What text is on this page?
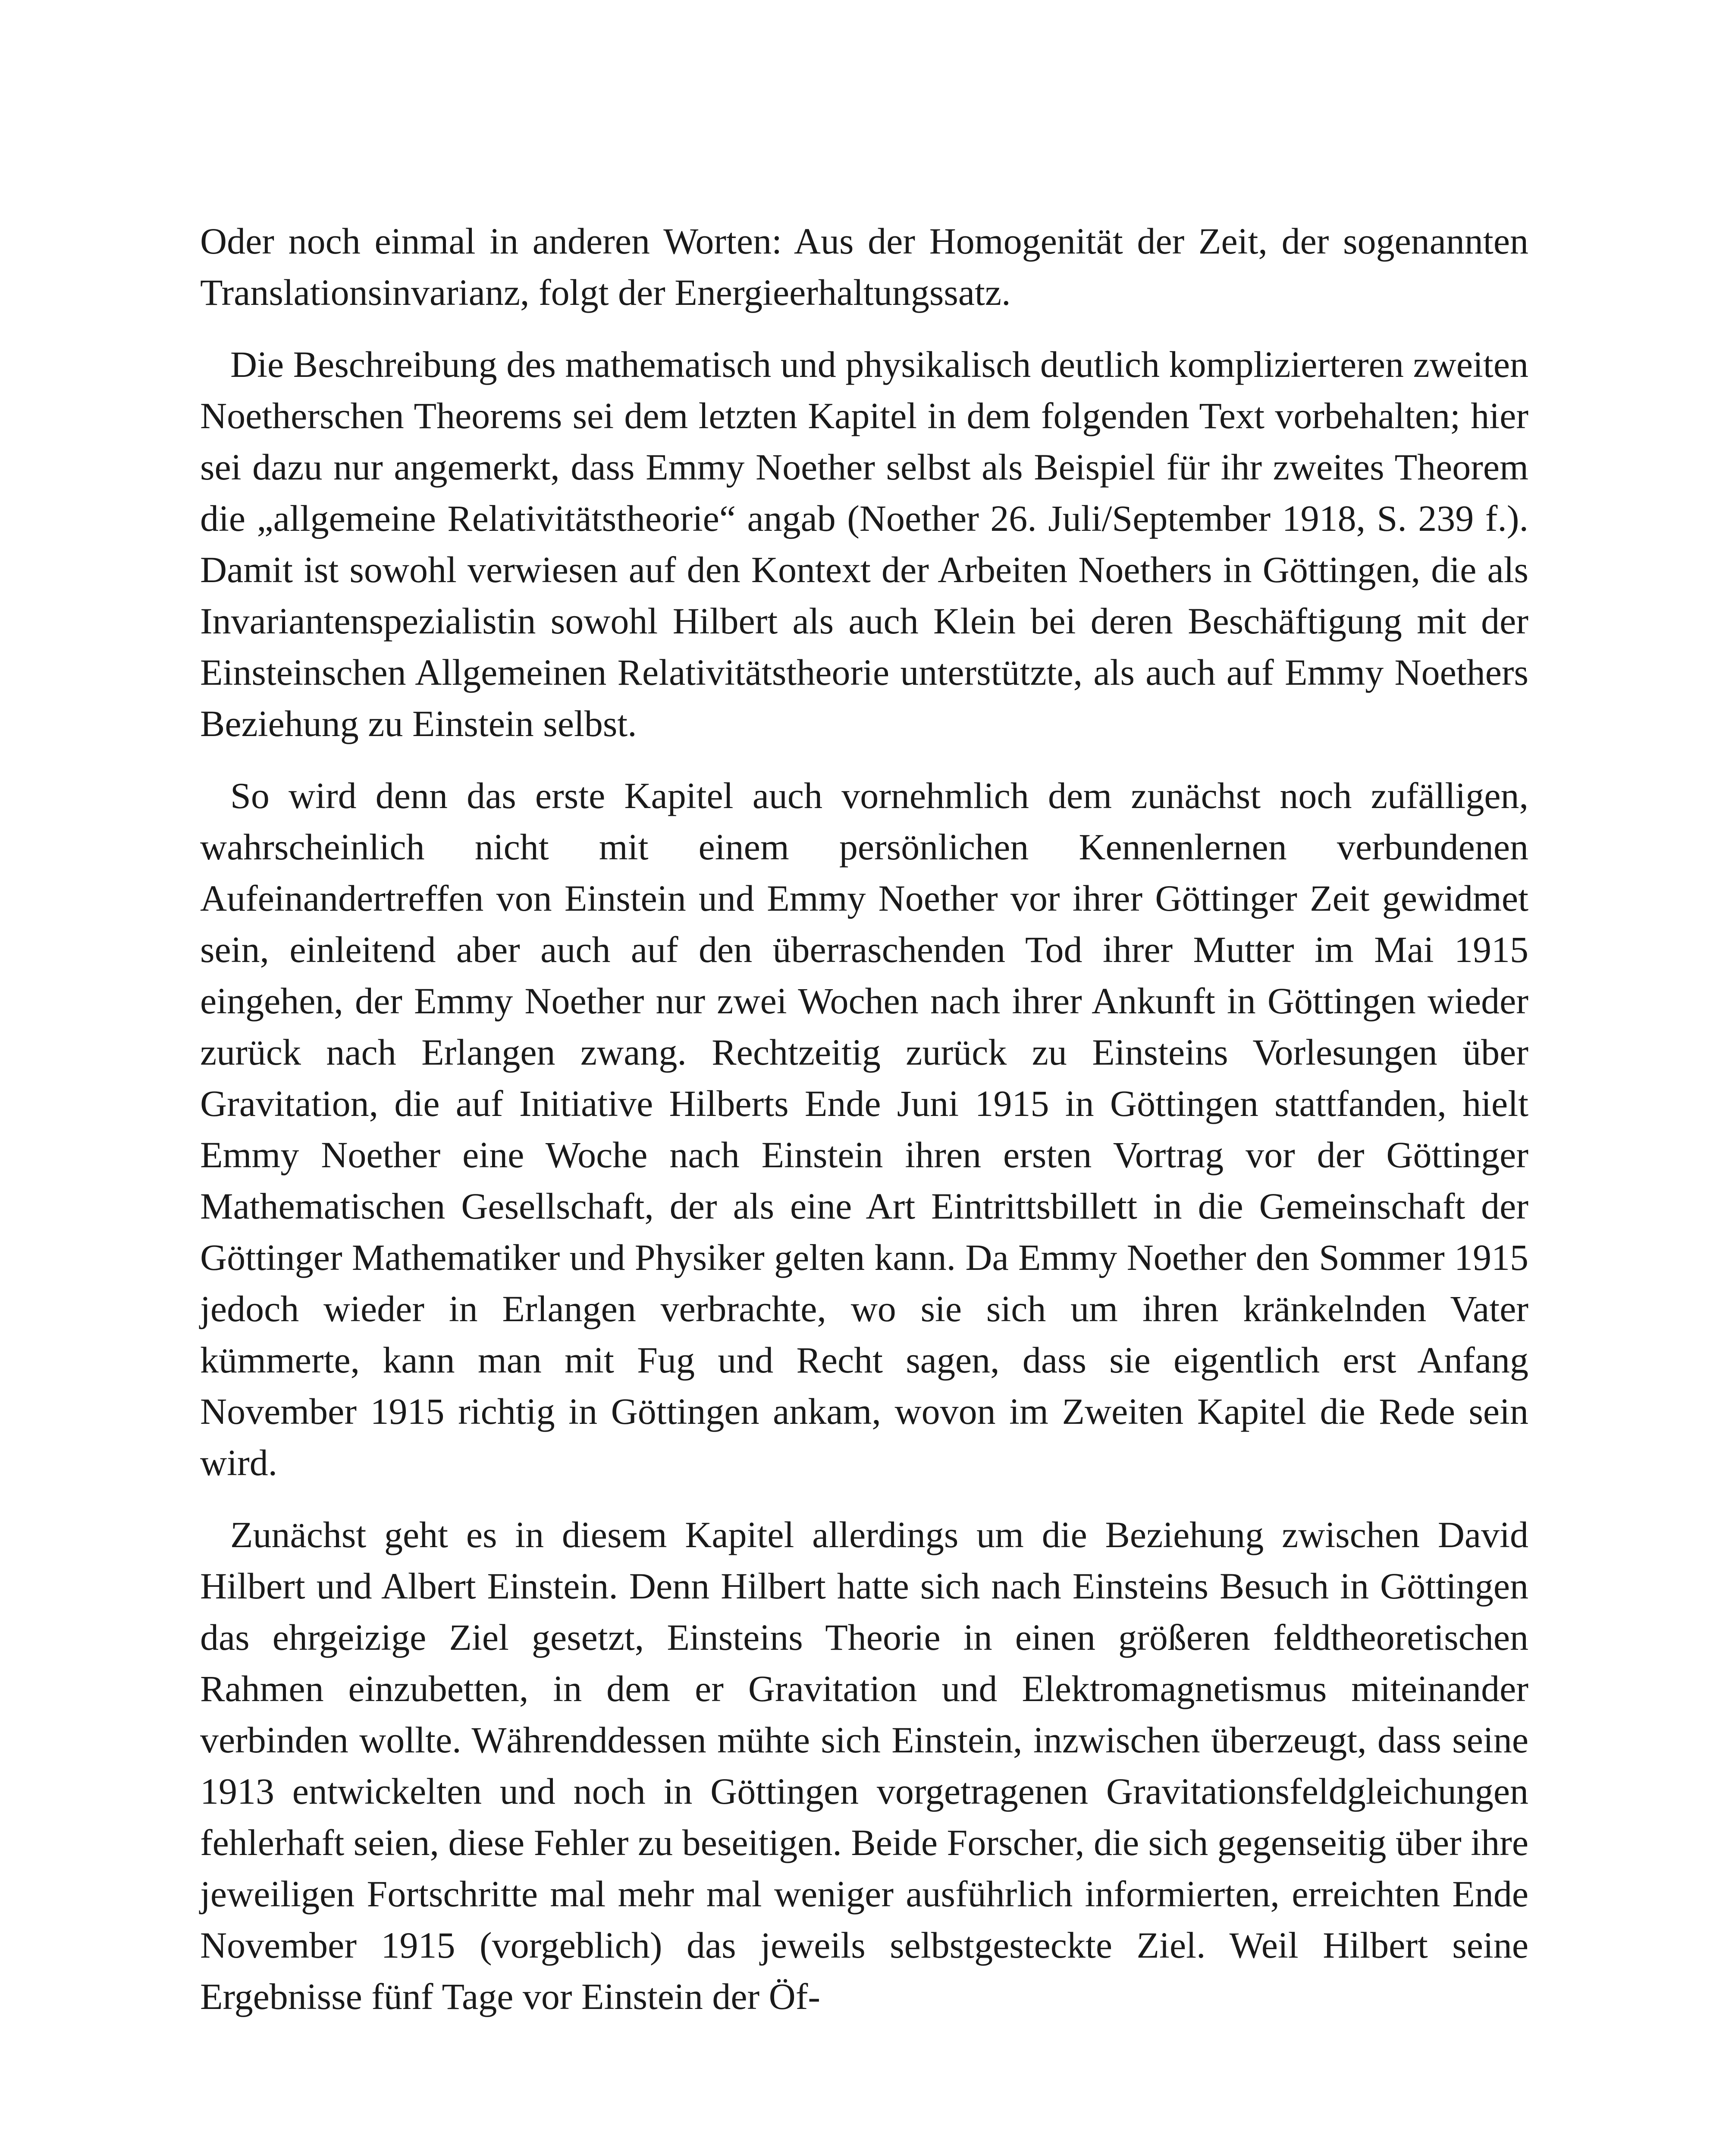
Oder noch einmal in anderen Worten: Aus der Homogenität der Zeit, der sogenannten Translationsinvarianz, folgt der Energieerhaltungssatz.

Die Beschreibung des mathematisch und physikalisch deutlich komplizierteren zweiten Noetherschen Theorems sei dem letzten Kapitel in dem folgenden Text vorbehalten; hier sei dazu nur angemerkt, dass Emmy Noether selbst als Beispiel für ihr zweites Theorem die „allgemeine Relativitätstheorie“ angab (Noether 26. Juli/September 1918, S. 239 f.). Damit ist sowohl verwiesen auf den Kontext der Arbeiten Noethers in Göttingen, die als Invariantenspezialistin sowohl Hilbert als auch Klein bei deren Beschäftigung mit der Einsteinschen Allgemeinen Relativitätstheorie unterstützte, als auch auf Emmy Noethers Beziehung zu Einstein selbst.

So wird denn das erste Kapitel auch vornehmlich dem zunächst noch zufälligen, wahrscheinlich nicht mit einem persönlichen Kennenlernen verbundenen Aufeinandertreffen von Einstein und Emmy Noether vor ihrer Göttinger Zeit gewidmet sein, einleitend aber auch auf den überraschenden Tod ihrer Mutter im Mai 1915 eingehen, der Emmy Noether nur zwei Wochen nach ihrer Ankunft in Göttingen wieder zurück nach Erlangen zwang. Rechtzeitig zurück zu Einsteins Vorlesungen über Gravitation, die auf Initiative Hilberts Ende Juni 1915 in Göttingen stattfanden, hielt Emmy Noether eine Woche nach Einstein ihren ersten Vortrag vor der Göttinger Mathematischen Gesellschaft, der als eine Art Eintrittsbillett in die Gemeinschaft der Göttinger Mathematiker und Physiker gelten kann. Da Emmy Noether den Sommer 1915 jedoch wieder in Erlangen verbrachte, wo sie sich um ihren kränkelnden Vater kümmerte, kann man mit Fug und Recht sagen, dass sie eigentlich erst Anfang November 1915 richtig in Göttingen ankam, wovon im Zweiten Kapitel die Rede sein wird.

Zunächst geht es in diesem Kapitel allerdings um die Beziehung zwischen David Hilbert und Albert Einstein. Denn Hilbert hatte sich nach Einsteins Besuch in Göttingen das ehrgeizige Ziel gesetzt, Einsteins Theorie in einen größeren feldtheoretischen Rahmen einzubetten, in dem er Gravitation und Elektromagnetismus miteinander verbinden wollte. Währenddessen mühte sich Einstein, inzwischen überzeugt, dass seine 1913 entwickelten und noch in Göttingen vorgetragenen Gravitationsfeldgleichungen fehlerhaft seien, diese Fehler zu beseitigen. Beide Forscher, die sich gegenseitig über ihre jeweiligen Fortschritte mal mehr mal weniger ausführlich informierten, erreichten Ende November 1915 (vorgeblich) das jeweils selbstgesteckte Ziel. Weil Hilbert seine Ergebnisse fünf Tage vor Einstein der Öf-
